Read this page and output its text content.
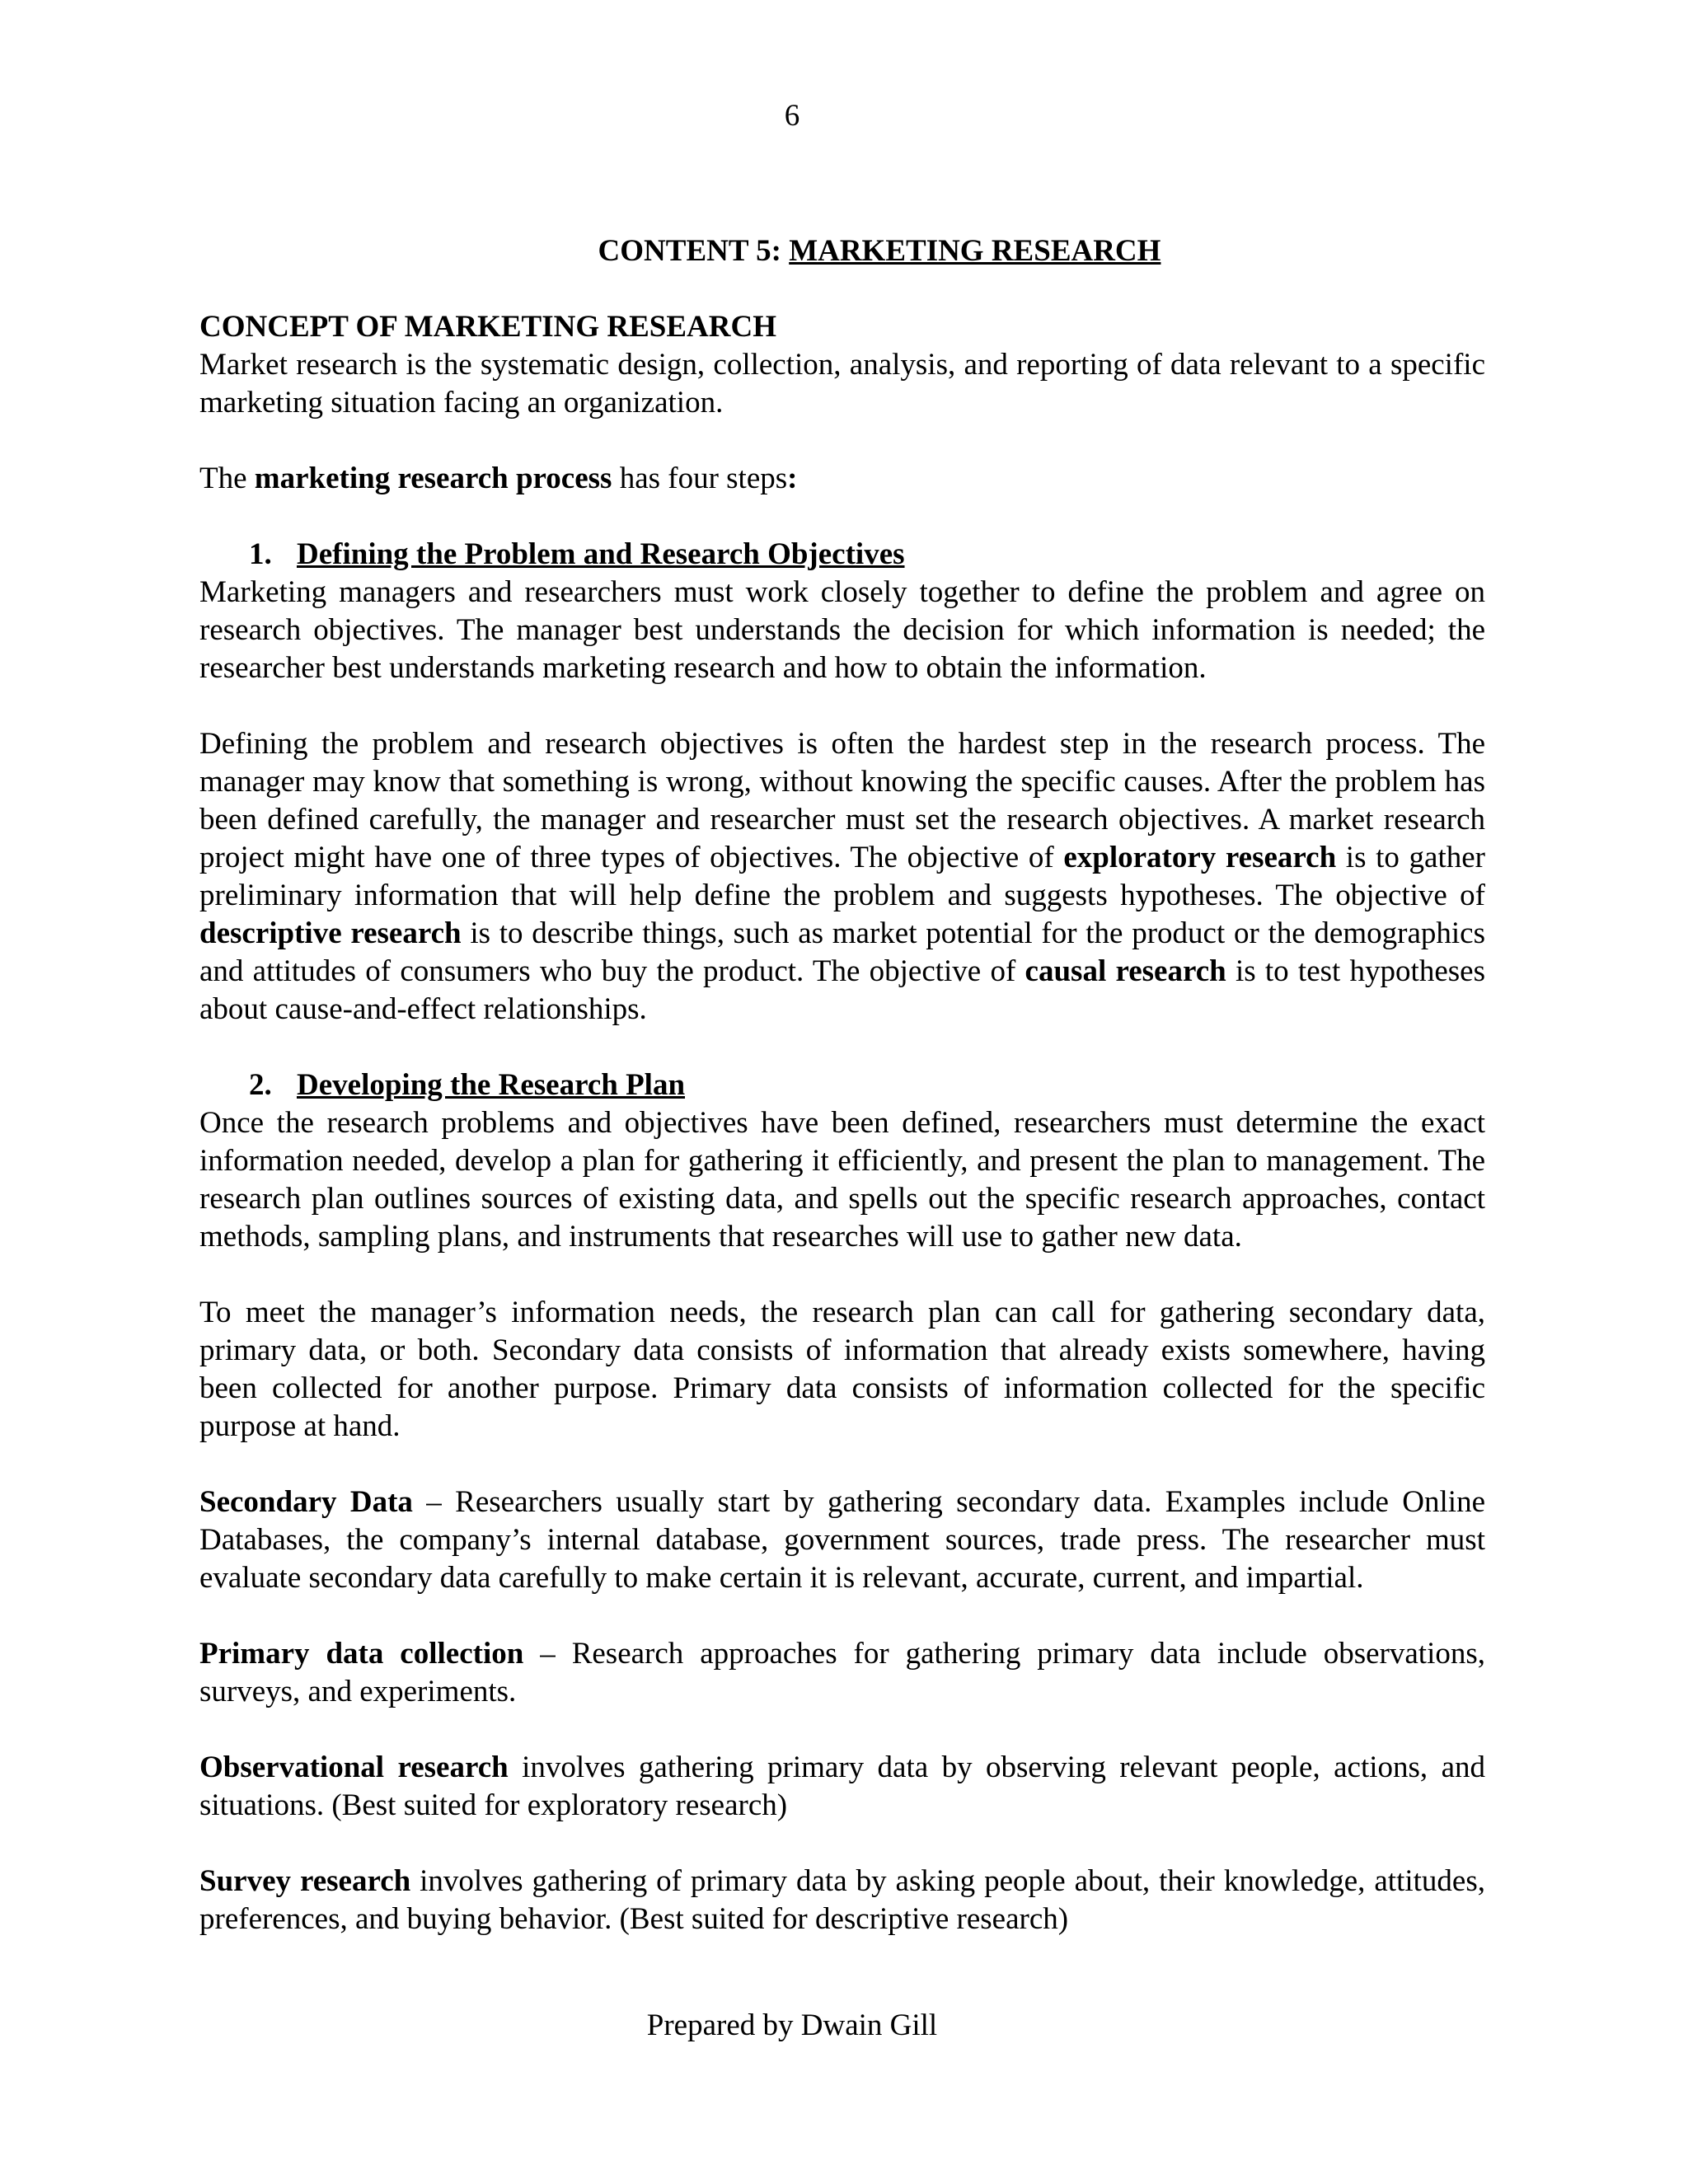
6
CONTENT 5: MARKETING RESEARCH
CONCEPT OF MARKETING RESEARCH

Market research is the systematic design, collection, analysis, and reporting of data relevant to a specific marketing situation facing an organization.

The marketing research process has four steps:

1. Defining the Problem and Research Objectives

Marketing managers and researchers must work closely together to define the problem and agree on research objectives. The manager best understands the decision for which information is needed; the researcher best understands marketing research and how to obtain the information.

Defining the problem and research objectives is often the hardest step in the research process. The manager may know that something is wrong, without knowing the specific causes. After the problem has been defined carefully, the manager and researcher must set the research objectives. A market research project might have one of three types of objectives. The objective of exploratory research is to gather preliminary information that will help define the problem and suggests hypotheses. The objective of descriptive research is to describe things, such as market potential for the product or the demographics and attitudes of consumers who buy the product. The objective of causal research is to test hypotheses about cause-and-effect relationships.

2. Developing the Research Plan

Once the research problems and objectives have been defined, researchers must determine the exact information needed, develop a plan for gathering it efficiently, and present the plan to management. The research plan outlines sources of existing data, and spells out the specific research approaches, contact methods, sampling plans, and instruments that researches will use to gather new data.

To meet the manager’s information needs, the research plan can call for gathering secondary data, primary data, or both. Secondary data consists of information that already exists somewhere, having been collected for another purpose. Primary data consists of information collected for the specific purpose at hand.

Secondary Data – Researchers usually start by gathering secondary data. Examples include Online Databases, the company’s internal database, government sources, trade press. The researcher must evaluate secondary data carefully to make certain it is relevant, accurate, current, and impartial.

Primary data collection – Research approaches for gathering primary data include observations, surveys, and experiments.

Observational research involves gathering primary data by observing relevant people, actions, and situations. (Best suited for exploratory research)

Survey research involves gathering of primary data by asking people about, their knowledge, attitudes, preferences, and buying behavior. (Best suited for descriptive research)

Prepared by Dwain Gill
